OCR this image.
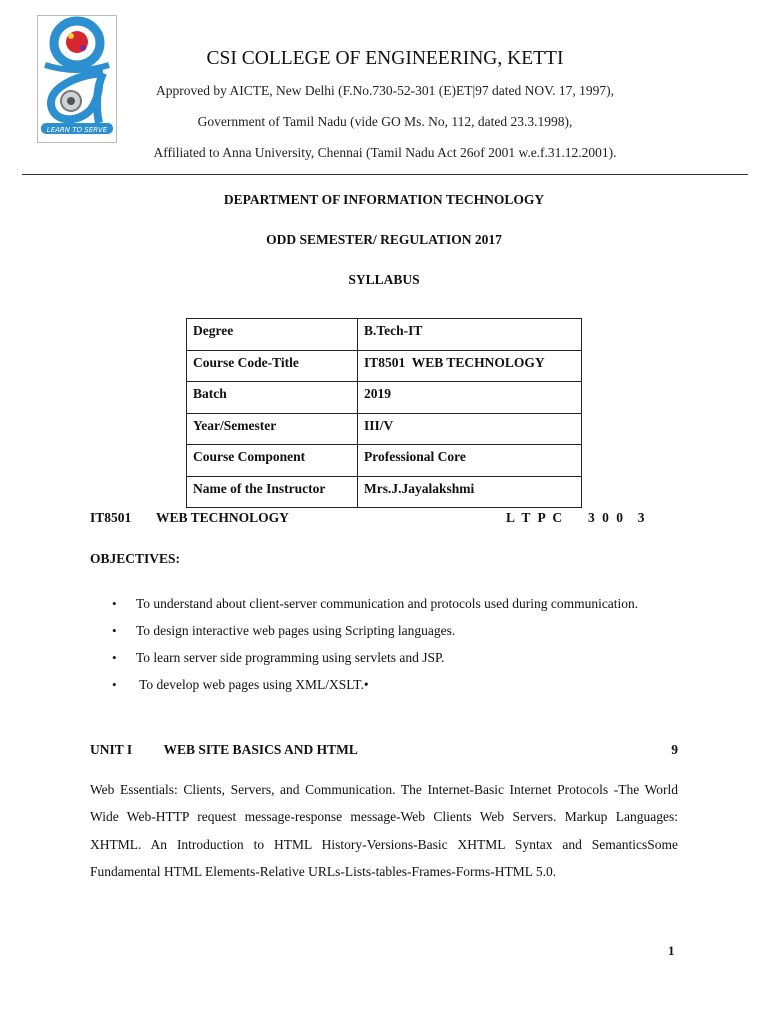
LEARN TO SERVE
CSI COLLEGE OF ENGINEERING, KETTI
Approved by AICTE, New Delhi (F.No.730-52-301 (E)ET|97 dated NOV. 17, 1997),
Government of Tamil Nadu (vide GO Ms. No, 112, dated 23.3.1998),
Affiliated to Anna University, Chennai (Tamil Nadu Act 26of 2001 w.e.f.31.12.2001).
DEPARTMENT OF INFORMATION TECHNOLOGY
ODD SEMESTER/ REGULATION 2017
SYLLABUS
Degree	B.Tech-IT
Course Code-Title	IT8501  WEB TECHNOLOGY
Batch	2019
Year/Semester	III/V
Course Component	Professional Core
Name of the Instructor	Mrs.J.Jayalakshmi
IT8501 WEB TECHNOLOGY	L T P C 3 0 0  3
OBJECTIVES:
• To understand about client-server communication and protocols used during communication.
• To design interactive web pages using Scripting languages.
• To learn server side programming using servlets and JSP.
•  To develop web pages using XML/XSLT.•
UNIT I WEB SITE BASICS AND HTML	9
Web Essentials: Clients, Servers, and Communication. The Internet-Basic Internet Protocols -The World Wide Web-HTTP request message-response message-Web Clients Web Servers. Markup Languages: XHTML. An Introduction to HTML History-Versions-Basic XHTML Syntax and SemanticsSome Fundamental HTML Elements-Relative URLs-Lists-tables-Frames-Forms-HTML 5.0.
1
